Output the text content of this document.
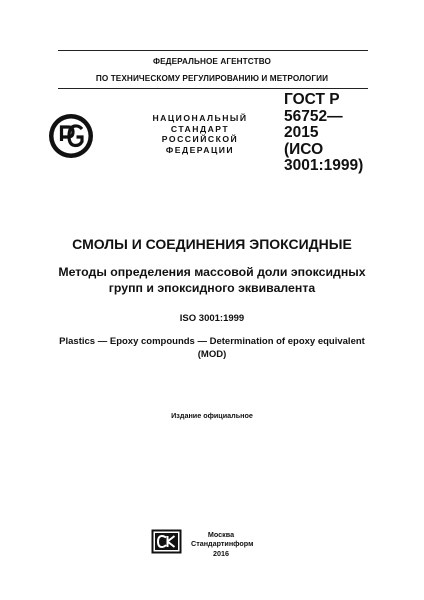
ФЕДЕРАЛЬНОЕ АГЕНТСТВО
ПО ТЕХНИЧЕСКОМУ РЕГУЛИРОВАНИЮ И МЕТРОЛОГИИ
НАЦИОНАЛЬНЫЙ
СТАНДАРТ
РОССИЙСКОЙ
ФЕДЕРАЦИИ
ГОСТ Р
56752—
2015
(ИСО
3001:1999)
СМОЛЫ И СОЕДИНЕНИЯ ЭПОКСИДНЫЕ
Методы определения массовой доли эпоксидных
групп и эпоксидного эквивалента
ISO 3001:1999
Plastics — Epoxy compounds — Determination of epoxy equivalent
(MOD)
Издание официальное
Москва
Стандартинформ
2016
